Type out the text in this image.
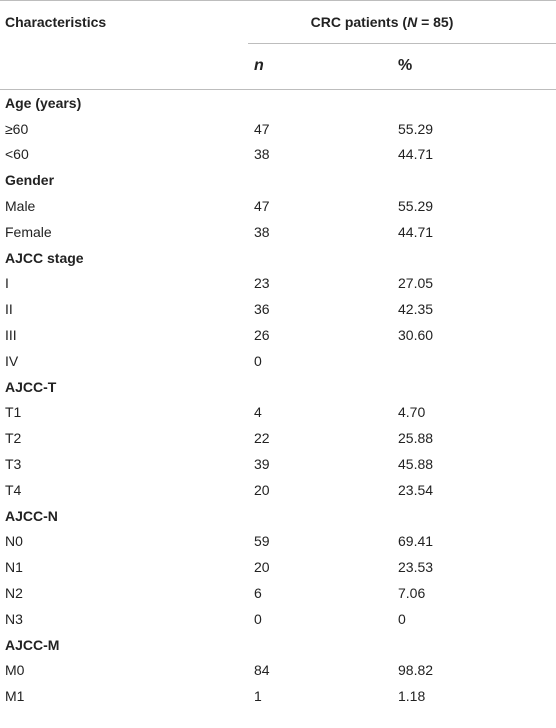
Characteristics	CRC patients (N = 85)	
	n	%
Age (years)		
≥60	47	55.29
<60	38	44.71
Gender		
Male	47	55.29
Female	38	44.71
AJCC stage		
I	23	27.05
II	36	42.35
III	26	30.60
IV	0	
AJCC-T		
T1	4	4.70
T2	22	25.88
T3	39	45.88
T4	20	23.54
AJCC-N		
N0	59	69.41
N1	20	23.53
N2	6	7.06
N3	0	0
AJCC-M		
M0	84	98.82
M1	1	1.18
